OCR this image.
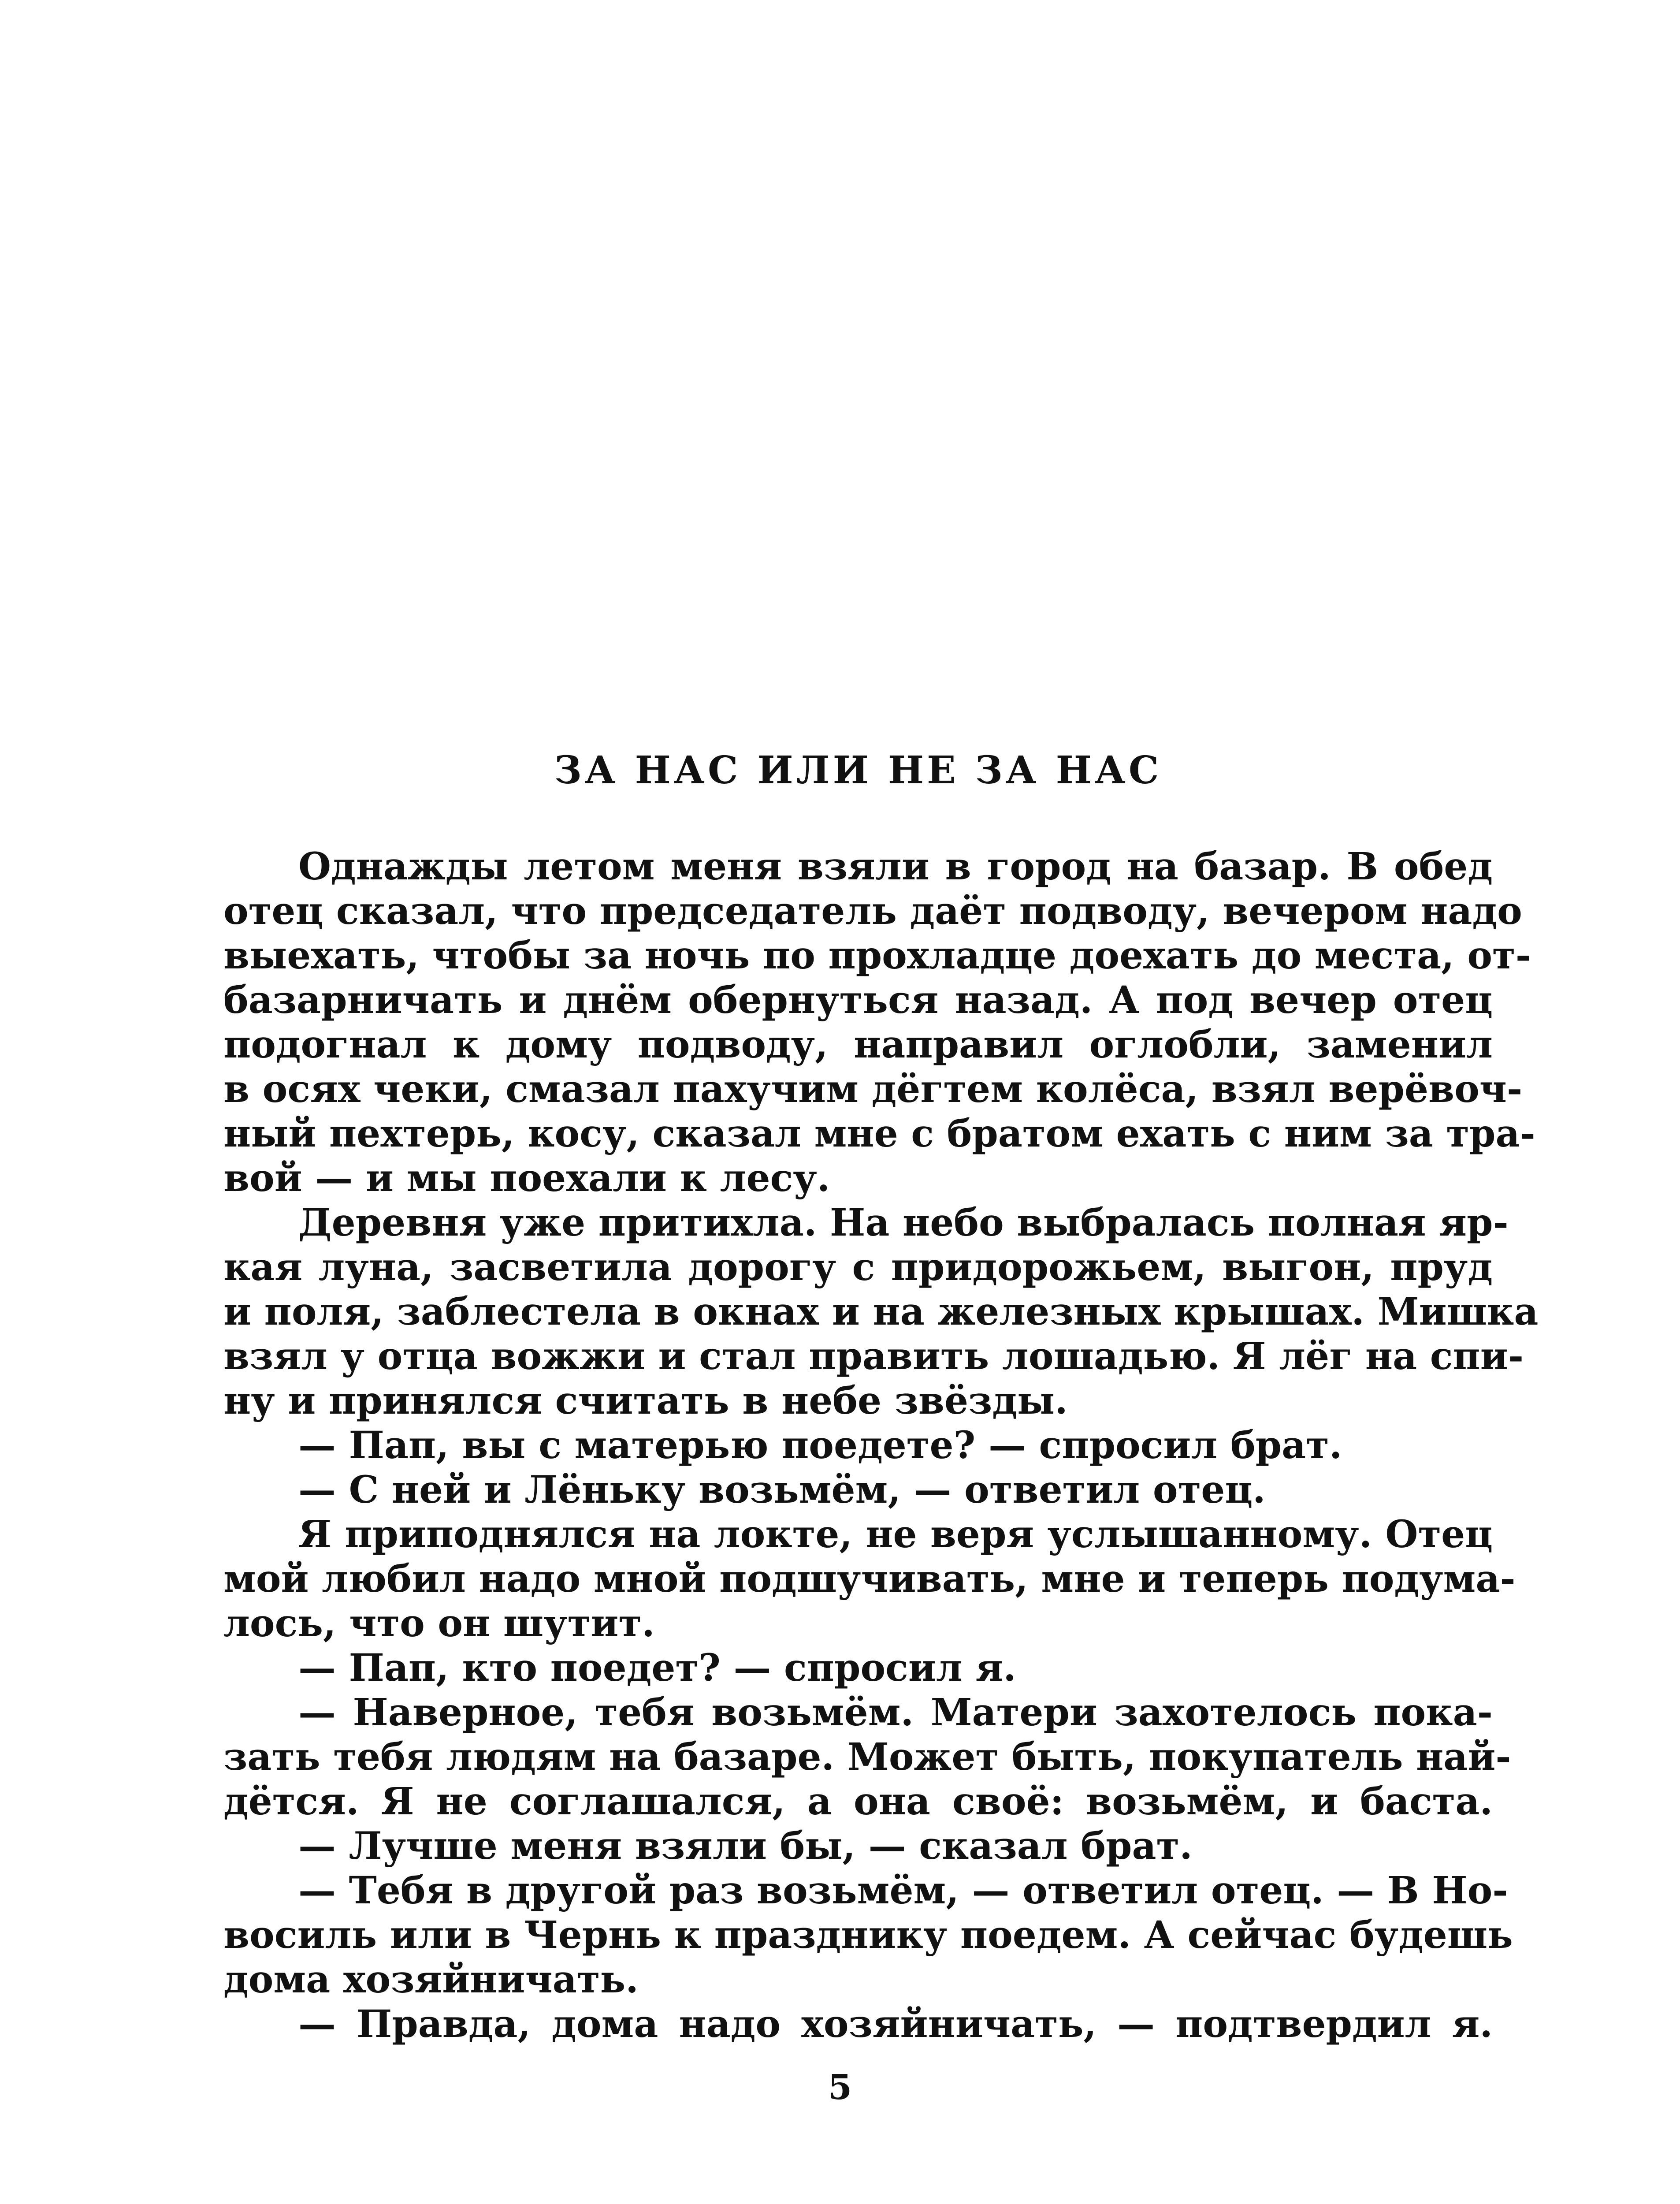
ЗА НАС ИЛИ НЕ ЗА НАС
Однажды летом меня взяли в город на базар. В обед
отец сказал, что председатель даёт подводу, вечером надо
выехать, чтобы за ночь по прохладце доехать до места, от-
базарничать и днём обернуться назад. А под вечер отец
подогнал к дому подводу, направил оглобли, заменил
в осях чеки, смазал пахучим дёгтем колёса, взял верёвоч-
ный пехтерь, косу, сказал мне с братом ехать с ним за тра-
вой — и мы поехали к лесу.
Деревня уже притихла. На небо выбралась полная яр-
кая луна, засветила дорогу с придорожьем, выгон, пруд
и поля, заблестела в окнах и на железных крышах. Мишка
взял у отца вожжи и стал править лошадью. Я лёг на спи-
ну и принялся считать в небе звёзды.
— Пап, вы с матерью поедете? — спросил брат.
— С ней и Лёньку возьмём, — ответил отец.
Я приподнялся на локте, не веря услышанному. Отец
мой любил надо мной подшучивать, мне и теперь подума-
лось, что он шутит.
— Пап, кто поедет? — спросил я.
— Наверное, тебя возьмём. Матери захотелось пока-
зать тебя людям на базаре. Может быть, покупатель най-
дётся. Я не соглашался, а она своё: возьмём, и баста.
— Лучше меня взяли бы, — сказал брат.
— Тебя в другой раз возьмём, — ответил отец. — В Но-
восиль или в Чернь к празднику поедем. А сейчас будешь
дома хозяйничать.
— Правда, дома надо хозяйничать, — подтвердил я.
5
